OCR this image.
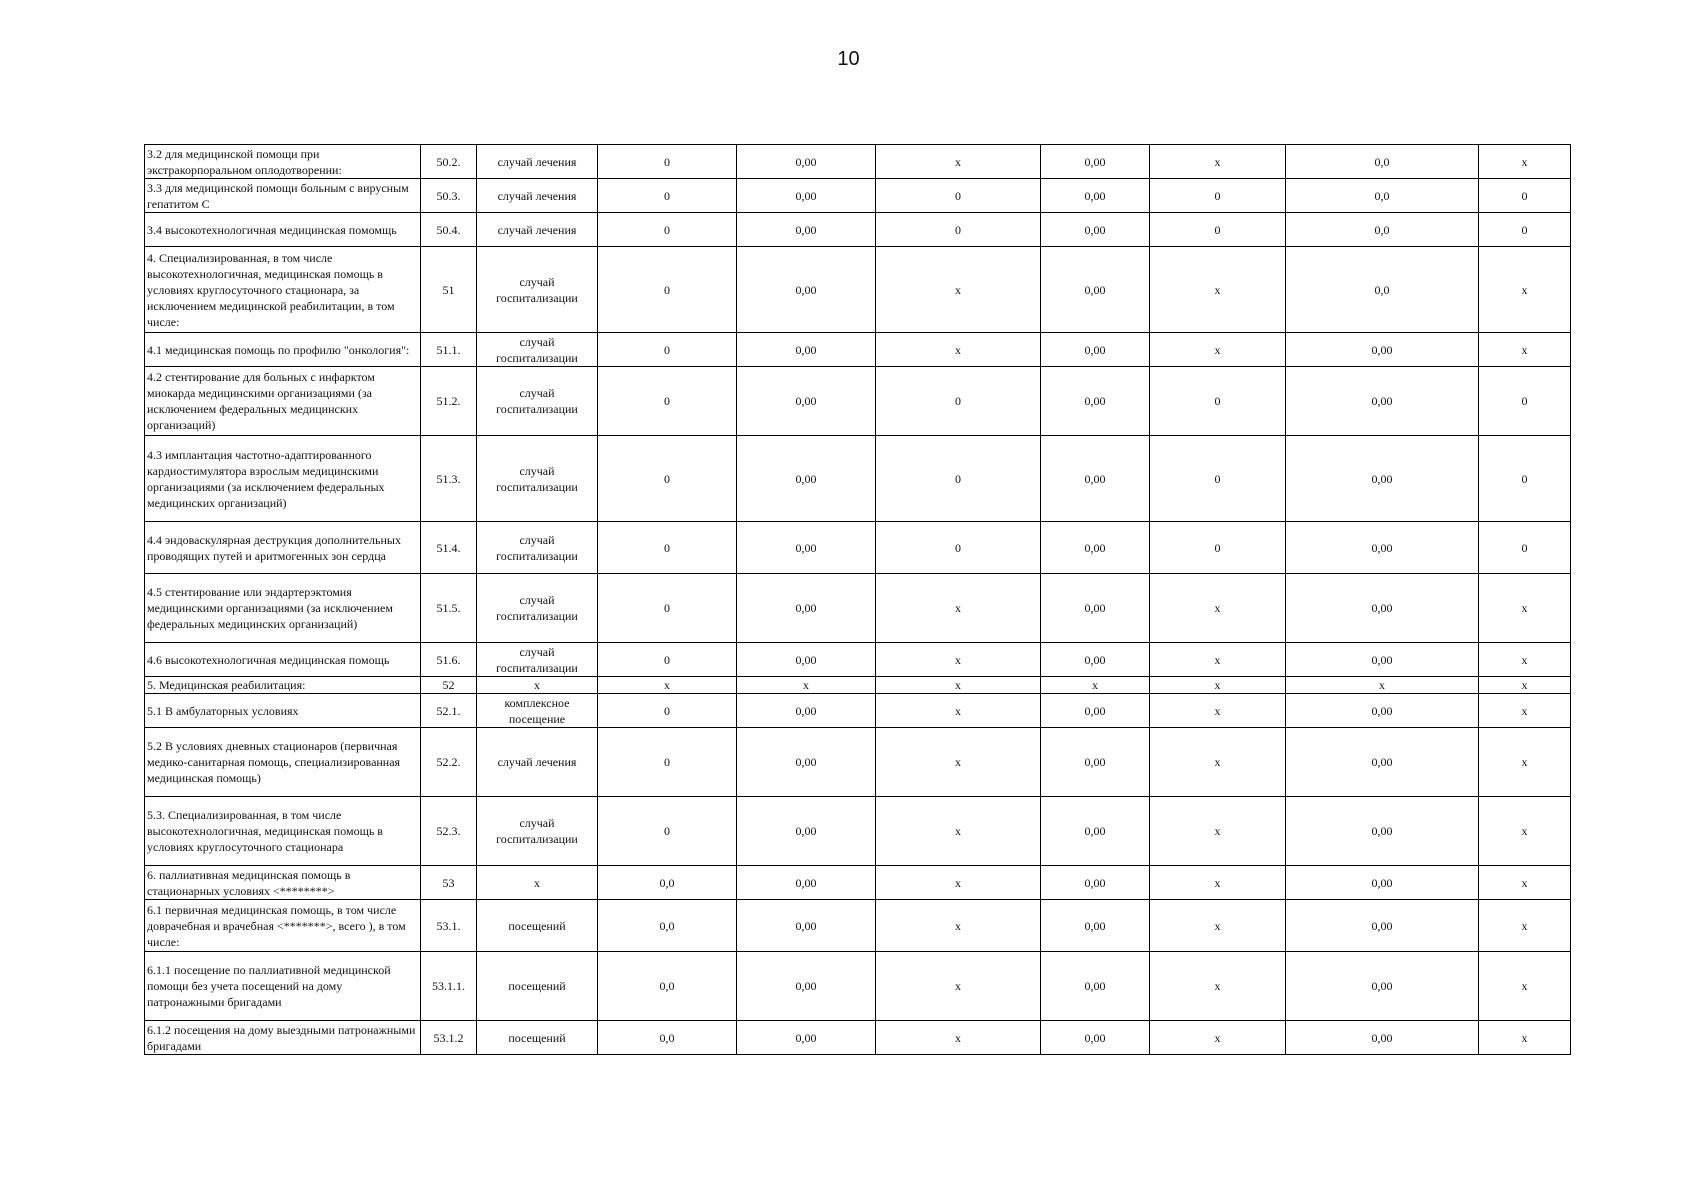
10
3.2 для медицинской помощи при экстракорпоральном оплодотворении:	50.2.	случай лечения	0	0,00	x	0,00	x	0,0	x
3.3 для медицинской помощи больным с вирусным гепатитом С	50.3.	случай лечения	0	0,00	0	0,00	0	0,0	0
3.4 высокотехнологичная медицинская помомщь	50.4.	случай лечения	0	0,00	0	0,00	0	0,0	0
4. Специализированная, в том числе высокотехнологичная, медицинская помощь в условиях круглосуточного стационара, за исключением медицинской реабилитации, в том числе:	51	случай госпитализации	0	0,00	x	0,00	x	0,0	x
4.1 медицинская помощь по профилю "онкология":	51.1.	случай госпитализации	0	0,00	x	0,00	x	0,00	x
4.2 стентирование для больных с инфарктом миокарда медицинскими организациями (за исключением федеральных медицинских организаций)	51.2.	случай госпитализации	0	0,00	0	0,00	0	0,00	0
4.3 имплантация частотно-адаптированного кардиостимулятора взрослым медицинскими организациями (за исключением федеральных медицинских организаций)	51.3.	случай госпитализации	0	0,00	0	0,00	0	0,00	0
4.4 эндоваскулярная деструкция дополнительных проводящих путей и аритмогенных зон сердца	51.4.	случай госпитализации	0	0,00	0	0,00	0	0,00	0
4.5 стентирование или эндартерэктомия медицинскими организациями (за исключением федеральных медицинских организаций)	51.5.	случай госпитализации	0	0,00	x	0,00	x	0,00	x
4.6 высокотехнологичная медицинская помощь	51.6.	случай госпитализации	0	0,00	x	0,00	x	0,00	x
5. Медицинская реабилитация:	52	x	x	x	x	x	x	x	x
5.1 В амбулаторных условиях	52.1.	комплексное посещение	0	0,00	x	0,00	x	0,00	x
5.2 В условиях дневных стационаров (первичная медико-санитарная помощь, специализированная медицинская помощь)	52.2.	случай лечения	0	0,00	x	0,00	x	0,00	x
5.3. Специализированная, в том числе высокотехнологичная, медицинская помощь в условиях круглосуточного стационара	52.3.	случай госпитализации	0	0,00	x	0,00	x	0,00	x
6. паллиативная медицинская помощь в стационарных условиях <********>	53	x	0,0	0,00	x	0,00	x	0,00	x
6.1 первичная медицинская помощь, в том числе доврачебная и врачебная <*******>, всего ), в том числе:	53.1.	посещений	0,0	0,00	x	0,00	x	0,00	x
6.1.1 посещение по паллиативной медицинской помощи без учета посещений на дому патронажными бригадами	53.1.1.	посещений	0,0	0,00	x	0,00	x	0,00	x
6.1.2 посещения на дому выездными патронажными бригадами	53.1.2	посещений	0,0	0,00	x	0,00	x	0,00	x
